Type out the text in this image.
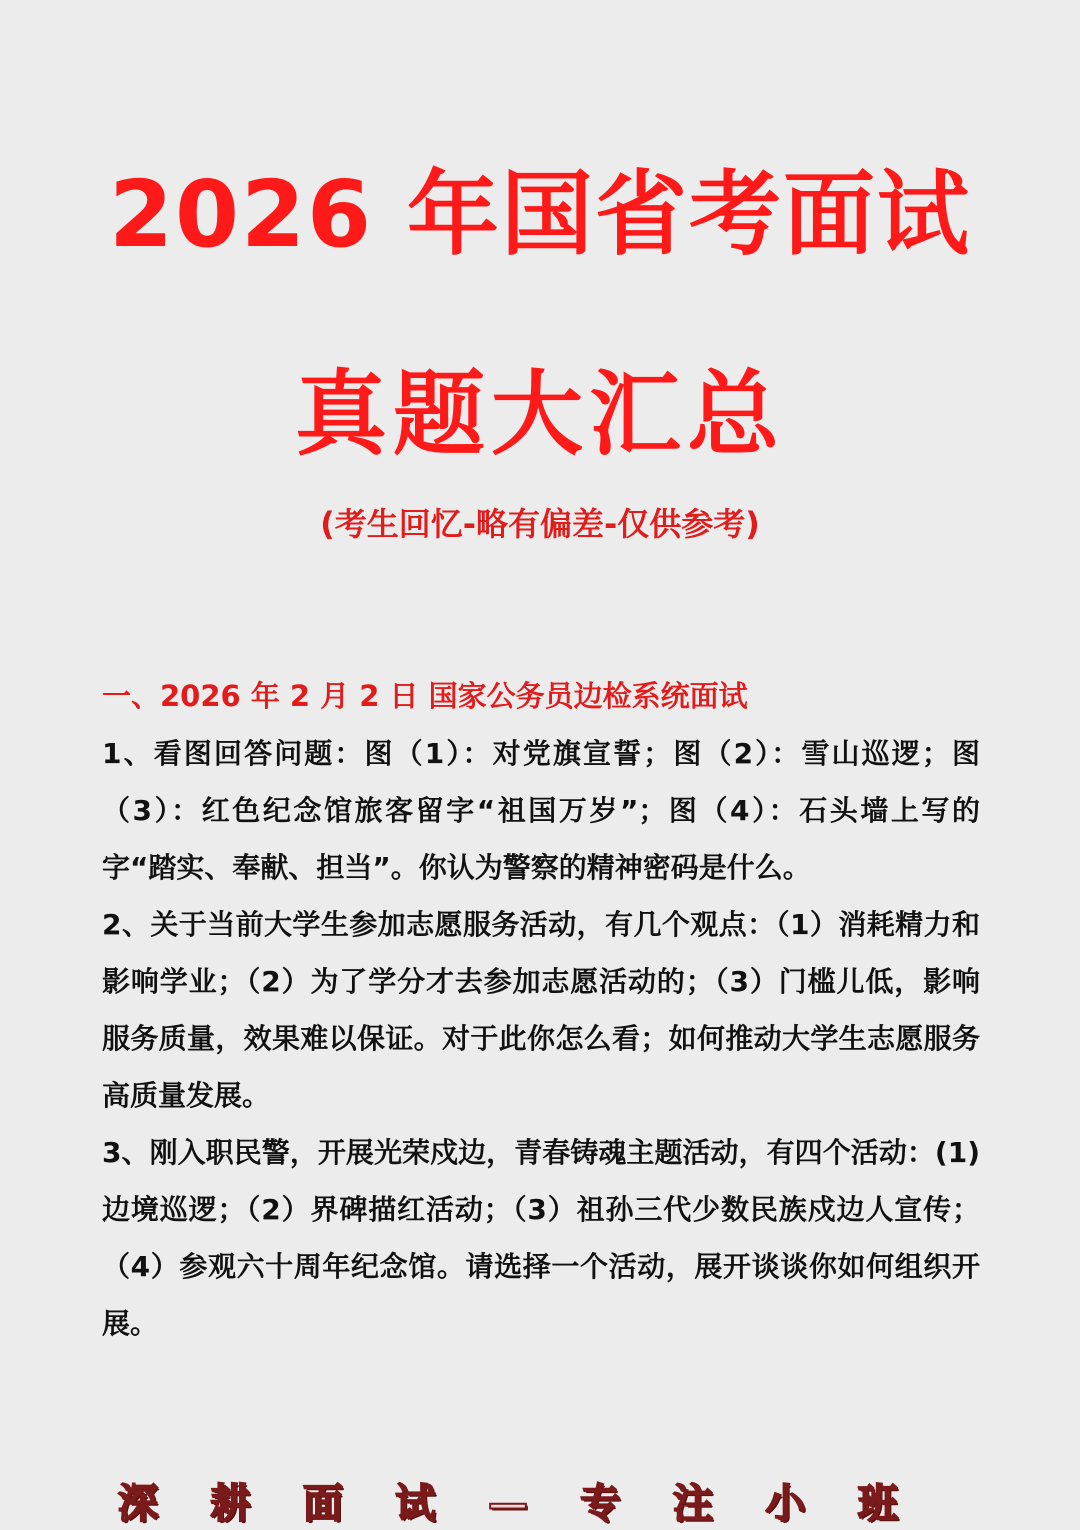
2026 年国省考面试
真题大汇总
(考生回忆-略有偏差-仅供参考)

一、2026 年 2 月 2 日 国家公务员边检系统面试

1、看图回答问题：图（1）：对党旗宣誓；图（2）：雪山巡逻；图（3）：红色纪念馆旅客留字“祖国万岁”；图（4）：石头墙上写的字“踏实、奉献、担当”。你认为警察的精神密码是什么。

2、关于当前大学生参加志愿服务活动，有几个观点：（1）消耗精力和影响学业；（2）为了学分才去参加志愿活动的；（3）门槛儿低，影响服务质量，效果难以保证。对于此你怎么看；如何推动大学生志愿服务高质量发展。

3、刚入职民警，开展光荣戍边，青春铸魂主题活动，有四个活动：(1) 边境巡逻；（2）界碑描红活动；（3）祖孙三代少数民族戍边人宣传；（4）参观六十周年纪念馆。请选择一个活动，展开谈谈你如何组织开展。

深 耕 面 试 — 专 注 小 班
